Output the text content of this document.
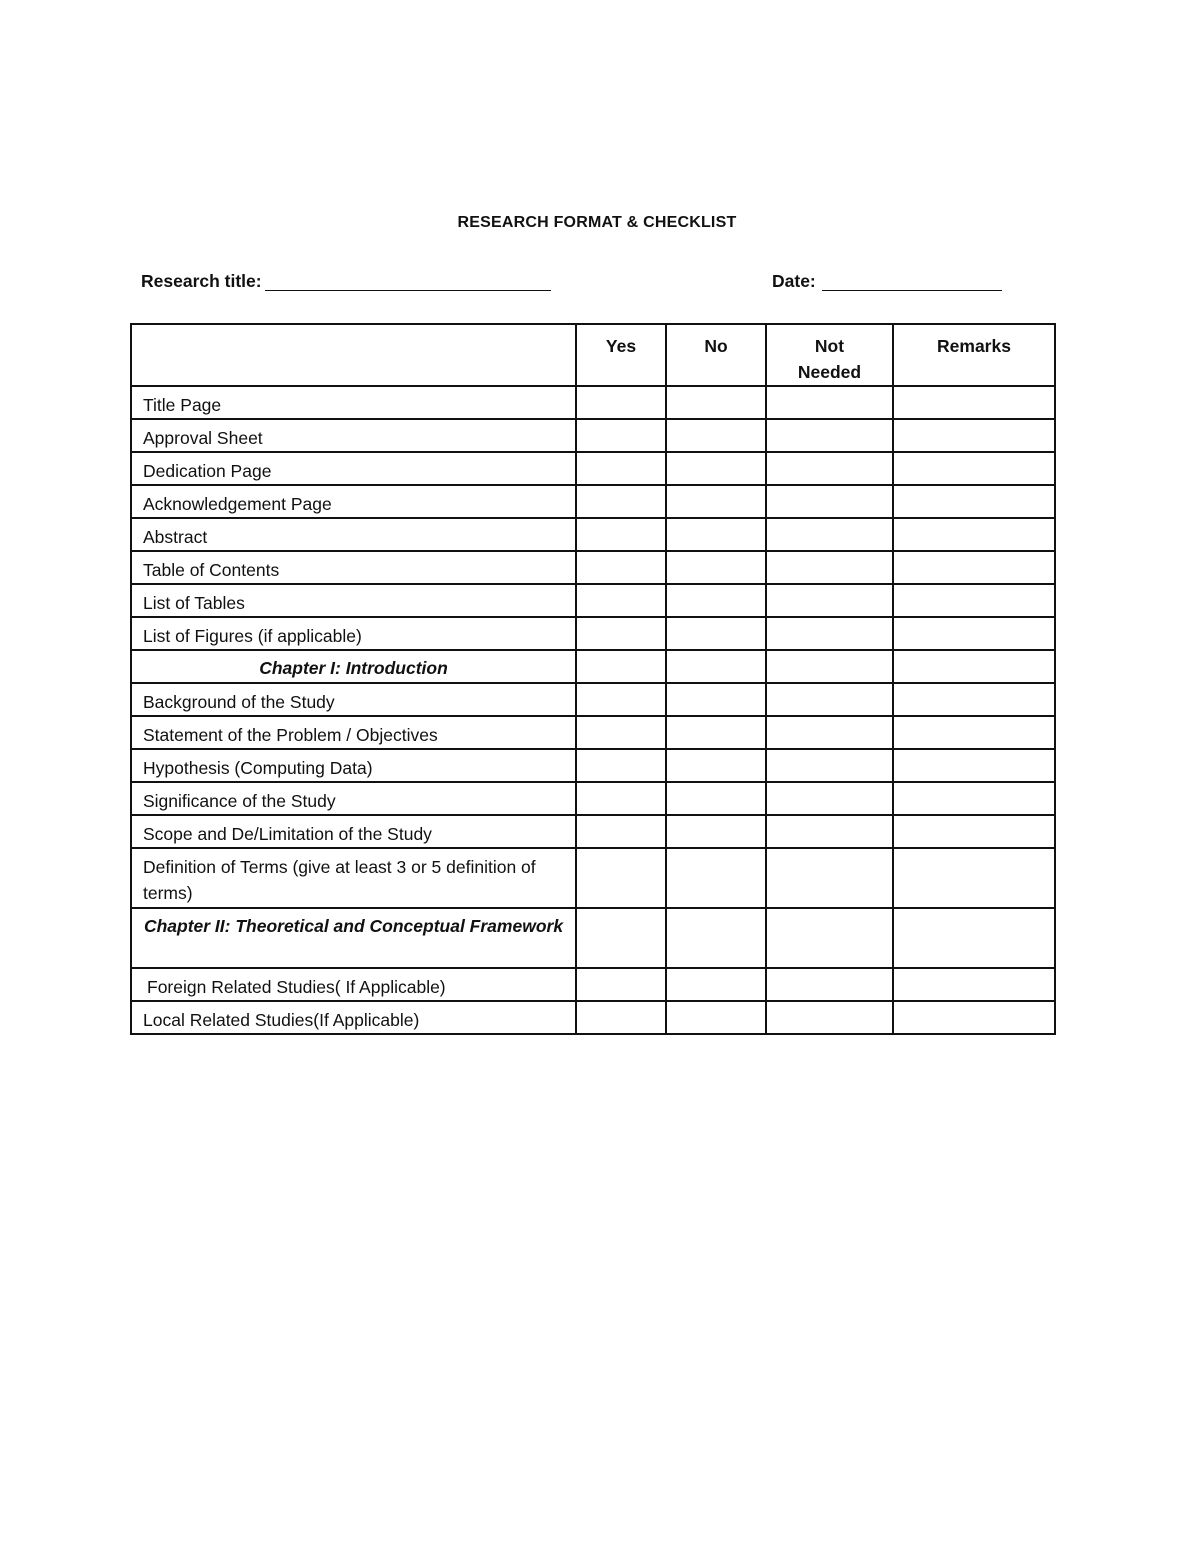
RESEARCH FORMAT & CHECKLIST
Research title:	Date:
	Yes	No	Not Needed	Remarks

Title Page				

Approval Sheet				

Dedication Page				

Acknowledgement Page				

Abstract				

Table of Contents				

List of Tables				

List of Figures (if applicable)				

Chapter I: Introduction				

Background of the Study				

Statement of the Problem / Objectives				

Hypothesis (Computing Data)				

Significance of the Study				

Scope and De/Limitation of the Study				

Definition of Terms (give at least 3 or 5 definition of terms)				

Chapter II: Theoretical and Conceptual Framework				

Foreign Related Studies( If Applicable)				

Local Related Studies(If Applicable)				
